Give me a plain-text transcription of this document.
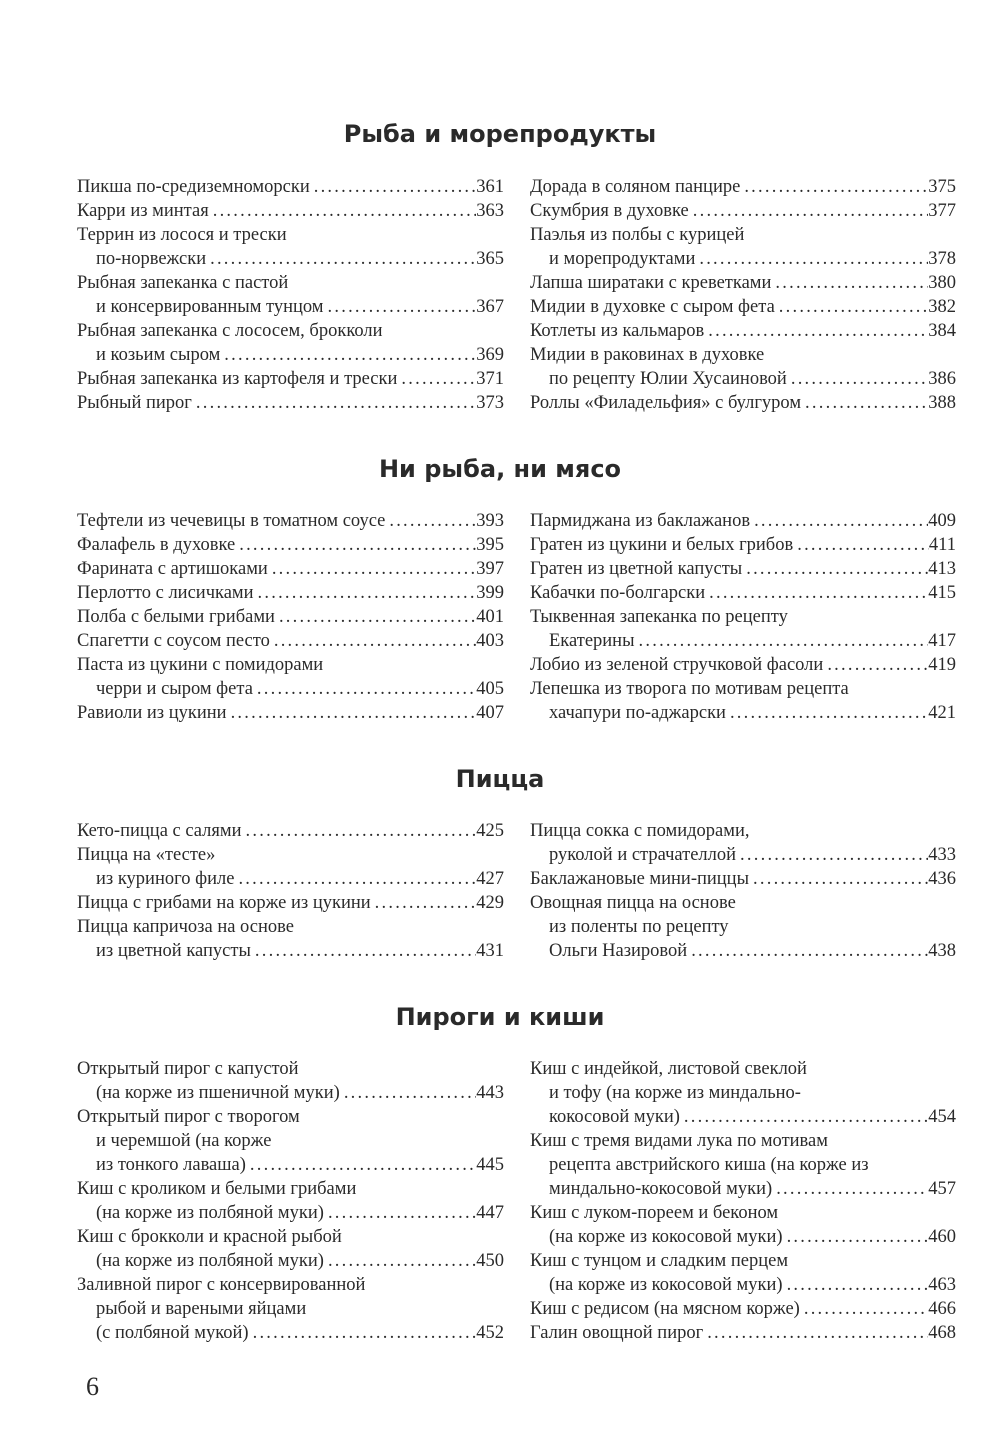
Рыба и морепродукты
Пикша по-средиземноморски . . .	361
Карри из минтая . . .	363
Террин из лосося и трески
по-норвежски . . .	365
Рыбная запеканка с пастой
и консервированным тунцом . . .	367
Рыбная запеканка с лососем, брокколи
и козьим сыром . . .	369
Рыбная запеканка из картофеля и трески . . .	371
Рыбный пирог . . .	373
Дорада в соляном панцире . . .	375
Скумбрия в духовке . . .	377
Паэлья из полбы с курицей
и морепродуктами . . .	378
Лапша ширатаки с креветками . . .	380
Мидии в духовке с сыром фета . . .	382
Котлеты из кальмаров . . .	384
Мидии в раковинах в духовке
по рецепту Юлии Хусаиновой . . .	386
Роллы «Филадельфия» с булгуром . . .	388
Ни рыба, ни мясо
Тефтели из чечевицы в томатном соусе . . .	393
Фалафель в духовке . . .	395
Фарината с артишоками . . .	397
Перлотто с лисичками . . .	399
Полба с белыми грибами . . .	401
Спагетти с соусом песто . . .	403
Паста из цукини с помидорами
черри и сыром фета . . .	405
Равиоли из цукини . . .	407
Пармиджана из баклажанов . . .	409
Гратен из цукини и белых грибов . . .	411
Гратен из цветной капусты . . .	413
Кабачки по-болгарски . . .	415
Тыквенная запеканка по рецепту
Екатерины . . .	417
Лобио из зеленой стручковой фасоли . . .	419
Лепешка из творога по мотивам рецепта
хачапури по-аджарски . . .	421
Пицца
Кето-пицца с салями . . .	425
Пицца на «тесте»
из куриного филе . . .	427
Пицца с грибами на корже из цукини . . .	429
Пицца капричоза на основе
из цветной капусты . . .	431
Пицца сокка с помидорами,
руколой и страчателлой . . .	433
Баклажановые мини-пиццы . . .	436
Овощная пицца на основе
из поленты по рецепту
Ольги Назировой . . .	438
Пироги и киши
Открытый пирог с капустой
(на корже из пшеничной муки) . . .	443
Открытый пирог с творогом
и черемшой (на корже
из тонкого лаваша) . . .	445
Киш с кроликом и белыми грибами
(на корже из полбяной муки) . . .	447
Киш с брокколи и красной рыбой
(на корже из полбяной муки) . . .	450
Заливной пирог с консервированной
рыбой и вареными яйцами
(с полбяной мукой) . . .	452
Киш с индейкой, листовой свеклой
и тофу (на корже из миндально-
кокосовой муки) . . .	454
Киш с тремя видами лука по мотивам
рецепта австрийского киша (на корже из
миндально-кокосовой муки) . . .	457
Киш с луком-пореем и беконом
(на корже из кокосовой муки) . . .	460
Киш с тунцом и сладким перцем
(на корже из кокосовой муки) . . .	463
Киш с редисом (на мясном корже) . . .	466
Галин овощной пирог . . .	468
6
